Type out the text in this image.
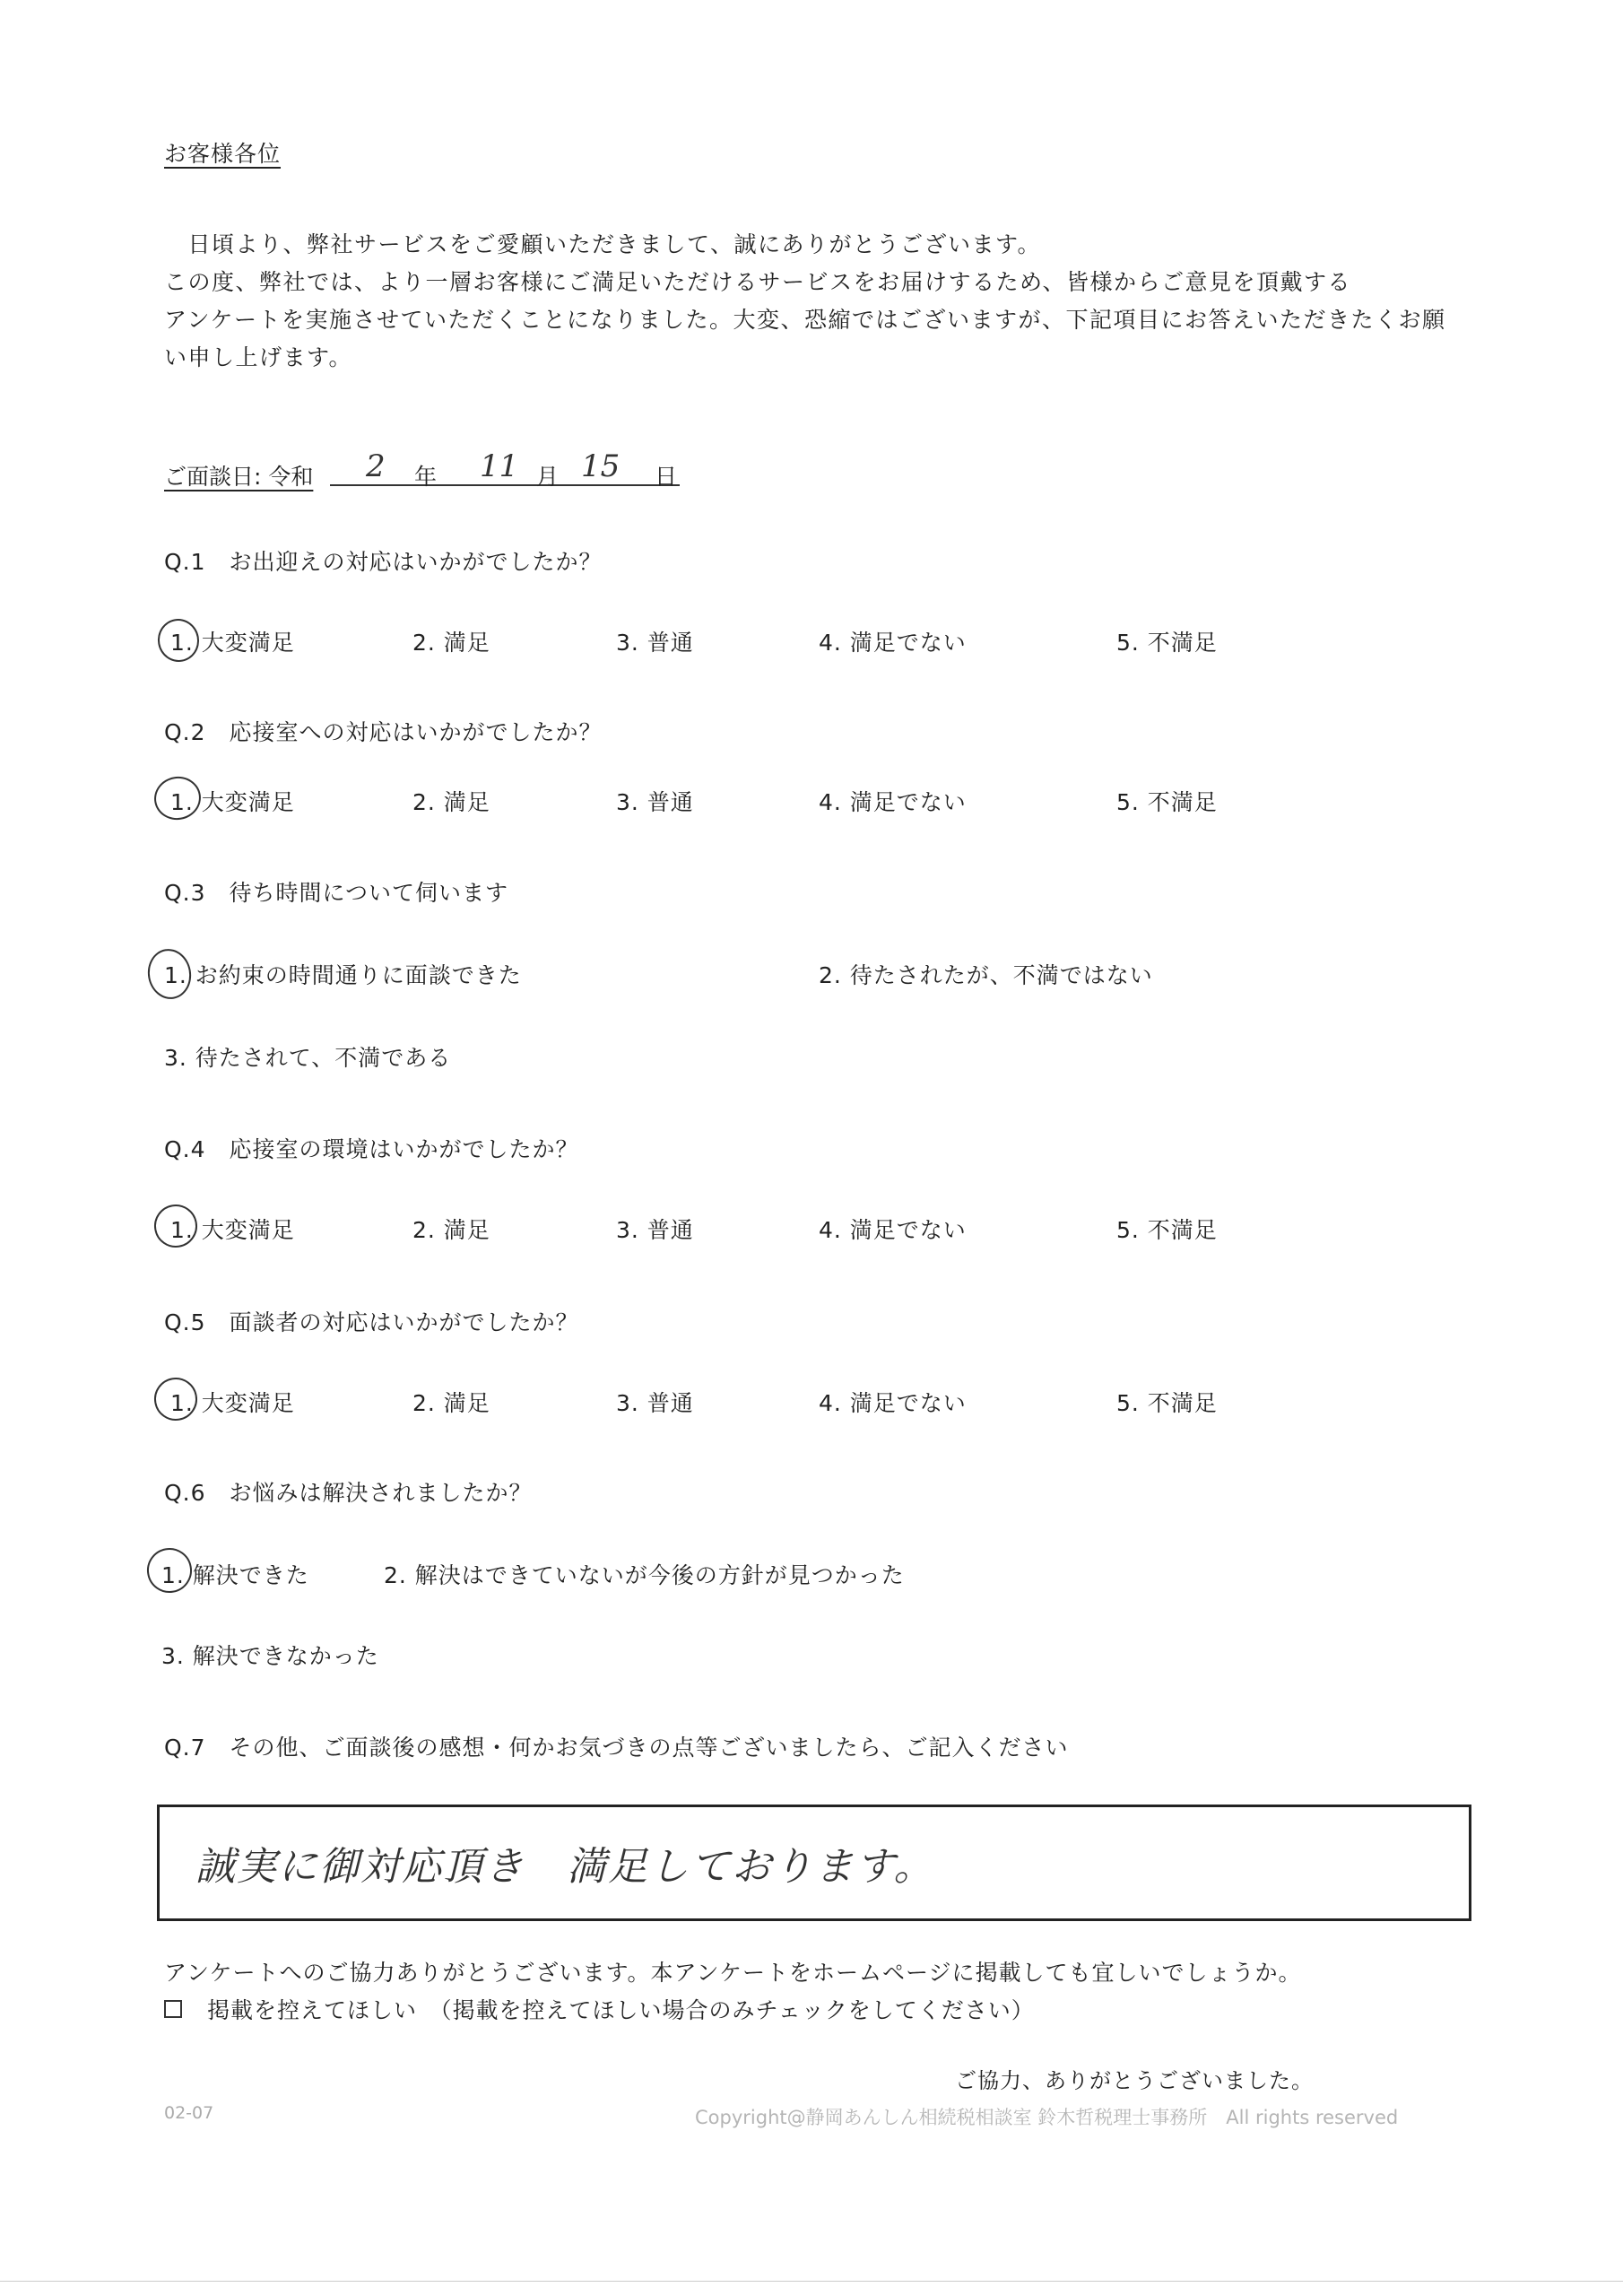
お客様各位
　日頃より、弊社サービスをご愛顧いただきまして、誠にありがとうございます。
この度、弊社では、より一層お客様にご満足いただけるサービスをお届けするため、皆様からご意見を頂戴する
アンケートを実施させていただくことになりました。大変、恐縮ではございますが、下記項目にお答えいただきたくお願
い申し上げます。
ご面談日: 令和 2 年 11 月 15 日
Q.1　お出迎えの対応はいかがでしたか？
1. 大変満足	2. 満足	3. 普通	4. 満足でない	5. 不満足
Q.2　応接室への対応はいかがでしたか？
1. 大変満足	2. 満足	3. 普通	4. 満足でない	5. 不満足
Q.3　待ち時間について伺います
1. お約束の時間通りに面談できた	2. 待たされたが、不満ではない
3. 待たされて、不満である
Q.4　応接室の環境はいかがでしたか？
1. 大変満足	2. 満足	3. 普通	4. 満足でない	5. 不満足
Q.5　面談者の対応はいかがでしたか？
1. 大変満足	2. 満足	3. 普通	4. 満足でない	5. 不満足
Q.6　お悩みは解決されましたか？
1. 解決できた	2. 解決はできていないが今後の方針が見つかった
3. 解決できなかった
Q.7　その他、ご面談後の感想・何かお気づきの点等ございましたら、ご記入ください
誠実に御対応頂き　満足しております。
アンケートへのご協力ありがとうございます。本アンケートをホームページに掲載しても宜しいでしょうか。
掲載を控えてほしい　（掲載を控えてほしい場合のみチェックをしてください）
ご協力、ありがとうございました。
02-07	Copyright@静岡あんしん相続税相談室 鈴木哲税理士事務所　All rights reserved
